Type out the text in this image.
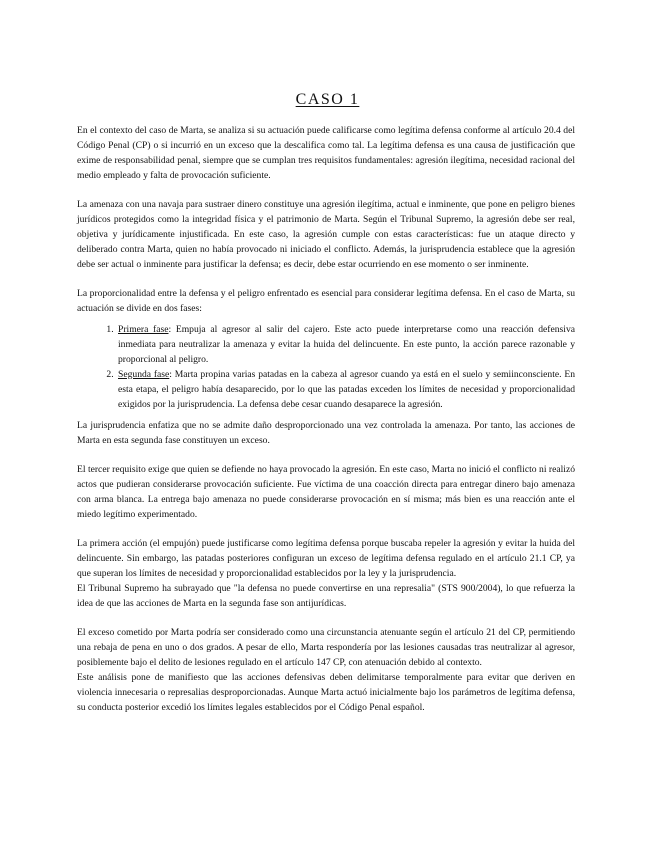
CASO 1

En el contexto del caso de Marta, se analiza si su actuación puede calificarse como legítima defensa conforme al artículo 20.4 del Código Penal (CP) o si incurrió en un exceso que la descalifica como tal. La legítima defensa es una causa de justificación que exime de responsabilidad penal, siempre que se cumplan tres requisitos fundamentales: agresión ilegítima, necesidad racional del medio empleado y falta de provocación suficiente.

La amenaza con una navaja para sustraer dinero constituye una agresión ilegítima, actual e inminente, que pone en peligro bienes jurídicos protegidos como la integridad física y el patrimonio de Marta. Según el Tribunal Supremo, la agresión debe ser real, objetiva y jurídicamente injustificada. En este caso, la agresión cumple con estas características: fue un ataque directo y deliberado contra Marta, quien no había provocado ni iniciado el conflicto. Además, la jurisprudencia establece que la agresión debe ser actual o inminente para justificar la defensa; es decir, debe estar ocurriendo en ese momento o ser inminente.

La proporcionalidad entre la defensa y el peligro enfrentado es esencial para considerar legítima defensa. En el caso de Marta, su actuación se divide en dos fases:

1. Primera fase: Empuja al agresor al salir del cajero. Este acto puede interpretarse como una reacción defensiva inmediata para neutralizar la amenaza y evitar la huida del delincuente. En este punto, la acción parece razonable y proporcional al peligro.
2. Segunda fase: Marta propina varias patadas en la cabeza al agresor cuando ya está en el suelo y semiinconsciente. En esta etapa, el peligro había desaparecido, por lo que las patadas exceden los límites de necesidad y proporcionalidad exigidos por la jurisprudencia. La defensa debe cesar cuando desaparece la agresión.

La jurisprudencia enfatiza que no se admite daño desproporcionado una vez controlada la amenaza. Por tanto, las acciones de Marta en esta segunda fase constituyen un exceso.

El tercer requisito exige que quien se defiende no haya provocado la agresión. En este caso, Marta no inició el conflicto ni realizó actos que pudieran considerarse provocación suficiente. Fue víctima de una coacción directa para entregar dinero bajo amenaza con arma blanca. La entrega bajo amenaza no puede considerarse provocación en sí misma; más bien es una reacción ante el miedo legítimo experimentado.

La primera acción (el empujón) puede justificarse como legítima defensa porque buscaba repeler la agresión y evitar la huida del delincuente. Sin embargo, las patadas posteriores configuran un exceso de legítima defensa regulado en el artículo 21.1 CP, ya que superan los límites de necesidad y proporcionalidad establecidos por la ley y la jurisprudencia.

El Tribunal Supremo ha subrayado que "la defensa no puede convertirse en una represalia" (STS 900/2004), lo que refuerza la idea de que las acciones de Marta en la segunda fase son antijurídicas.

El exceso cometido por Marta podría ser considerado como una circunstancia atenuante según el artículo 21 del CP, permitiendo una rebaja de pena en uno o dos grados. A pesar de ello, Marta respondería por las lesiones causadas tras neutralizar al agresor, posiblemente bajo el delito de lesiones regulado en el artículo 147 CP, con atenuación debido al contexto.

Este análisis pone de manifiesto que las acciones defensivas deben delimitarse temporalmente para evitar que deriven en violencia innecesaria o represalias desproporcionadas. Aunque Marta actuó inicialmente bajo los parámetros de legítima defensa, su conducta posterior excedió los límites legales establecidos por el Código Penal español.
